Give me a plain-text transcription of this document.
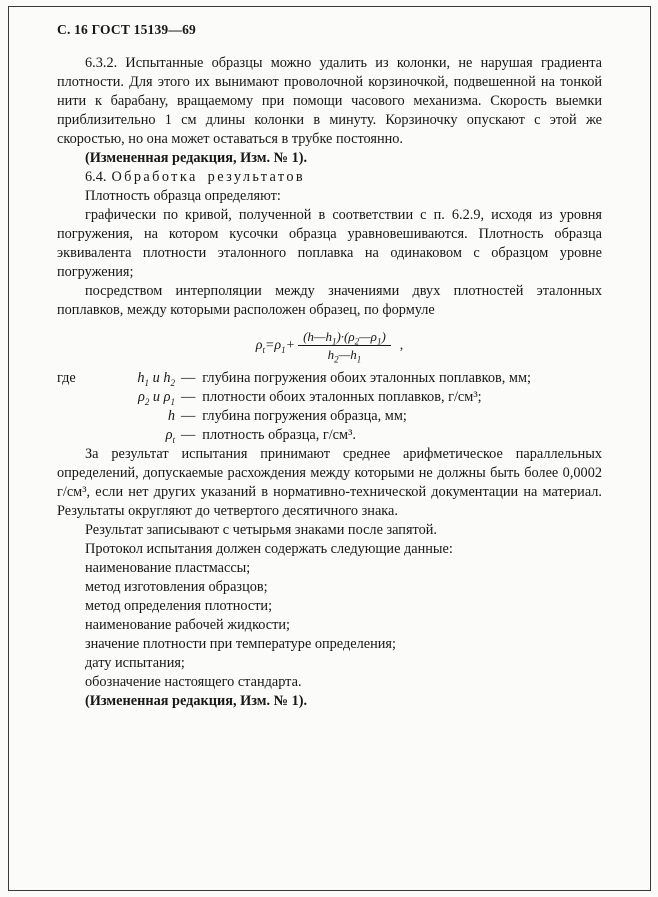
С. 16 ГОСТ 15139—69

6.3.2. Испытанные образцы можно удалить из колонки, не нарушая градиента плотности. Для этого их вынимают проволочной корзиночкой, подвешенной на тонкой нити к барабану, вращаемому при помощи часового механизма. Скорость выемки приблизительно 1 см длины колонки в минуту. Корзиночку опускают с этой же скоростью, но она может оставаться в трубке постоянно.

(Измененная редакция, Изм. № 1).

6.4. Обработка результатов

Плотность образца определяют:

графически по кривой, полученной в соответствии с п. 6.2.9, исходя из уровня погружения, на котором кусочки образца уравновешиваются. Плотность образца эквивалента плотности эталонного поплавка на одинаковом с образцом уровне погружения;

посредством интерполяции между значениями двух плотностей эталонных поплавков, между которыми расположен образец, по формуле

$\rho_t=\rho_1+ \frac{(h—h_1)\cdot(\rho_2—\rho_1)}{h_2—h_1}$ ,
где	$h_1$ и $h_2$ — глубина погружения обоих эталонных поплавков, мм;
$\rho_2$ и $\rho_1$ — плотности обоих эталонных поплавков, г/см³;
h — глубина погружения образца, мм;
$\rho_t$ — плотность образца, г/см³.

За результат испытания принимают среднее арифметическое параллельных определений, допускаемые расхождения между которыми не должны быть более 0,0002 г/см³, если нет других указаний в нормативно-технической документации на материал. Результаты округляют до четвертого десятичного знака.

Результат записывают с четырьмя знаками после запятой.

Протокол испытания должен содержать следующие данные:

наименование пластмассы;
метод изготовления образцов;
метод определения плотности;
наименование рабочей жидкости;
значение плотности при температуре определения;
дату испытания;
обозначение настоящего стандарта.

(Измененная редакция, Изм. № 1).
